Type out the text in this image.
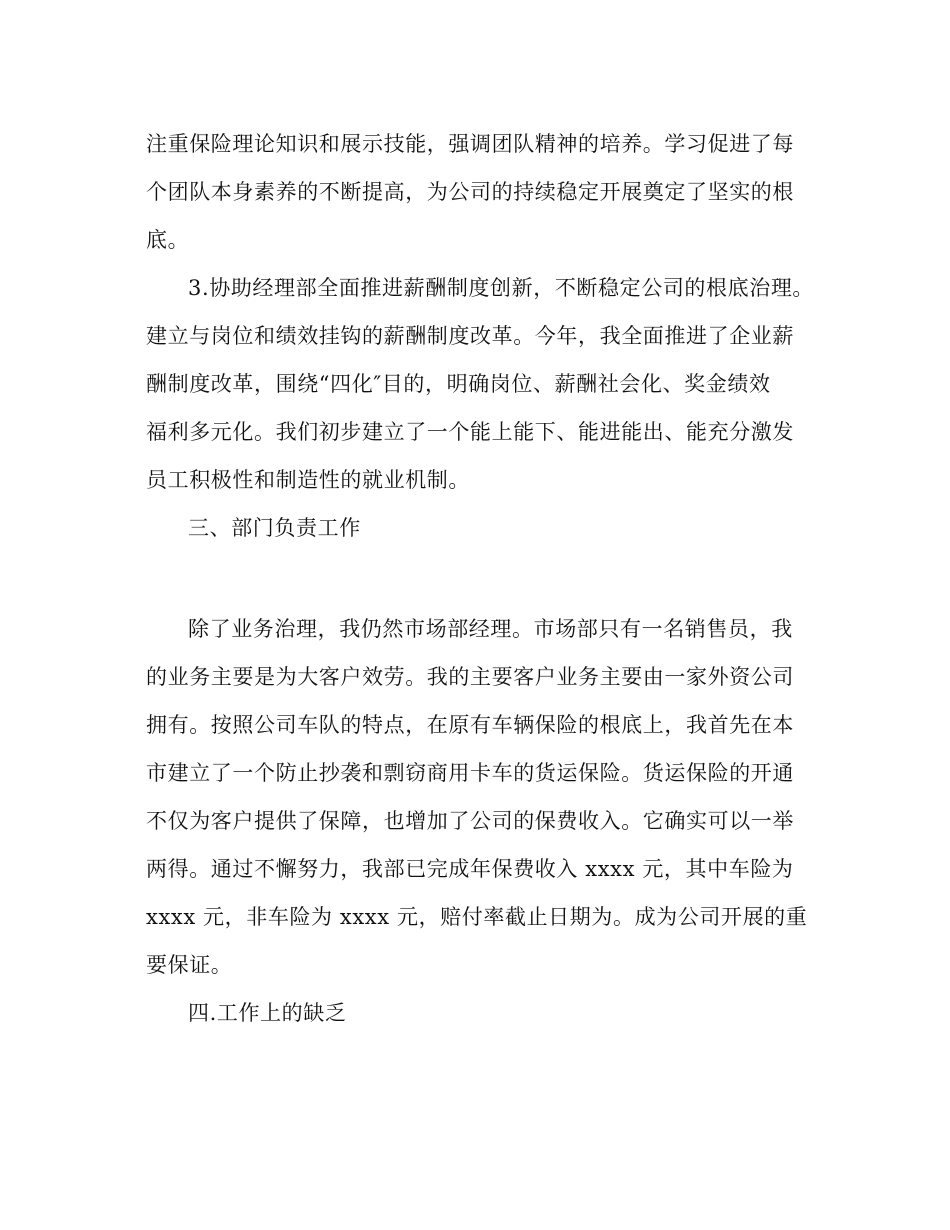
注重保险理论知识和展示技能，强调团队精神的培养。学习促进了每
个团队本身素养的不断提高，为公司的持续稳定开展奠定了坚实的根
底。
3.协助经理部全面推进薪酬制度创新，不断稳定公司的根底治理。
建立与岗位和绩效挂钩的薪酬制度改革。今年，我全面推进了企业薪
酬制度改革，围绕“四化″目的，明确岗位、薪酬社会化、奖金绩效
福利多元化。我们初步建立了一个能上能下、能进能出、能充分激发
员工积极性和制造性的就业机制。
三、部门负责工作
除了业务治理，我仍然市场部经理。市场部只有一名销售员，我
的业务主要是为大客户效劳。我的主要客户业务主要由一家外资公司
拥有。按照公司车队的特点，在原有车辆保险的根底上，我首先在本
市建立了一个防止抄袭和剽窃商用卡车的货运保险。货运保险的开通
不仅为客户提供了保障，也增加了公司的保费收入。它确实可以一举
两得。通过不懈努力，我部已完成年保费收入 xxxx 元，其中车险为
xxxx 元，非车险为 xxxx 元，赔付率截止日期为。成为公司开展的重
要保证。
四.工作上的缺乏
